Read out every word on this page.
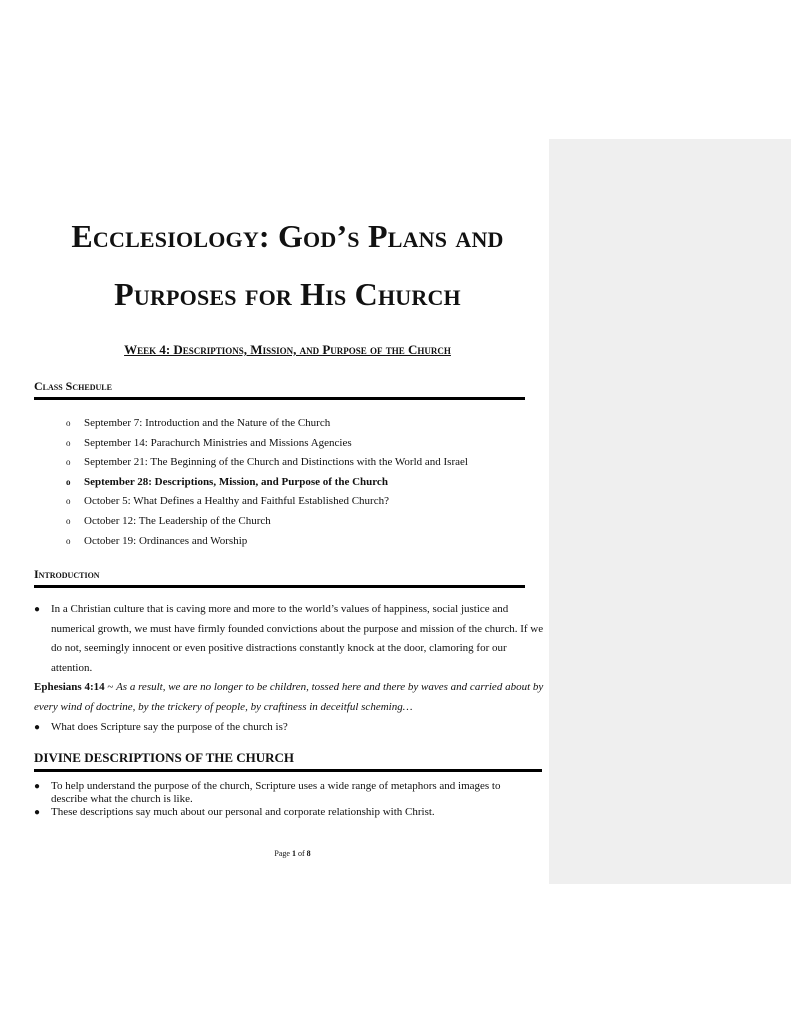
Ecclesiology: God’s Plans and
Purposes for His Church
Week 4: Descriptions, Mission, and Purpose of the Church
Class Schedule
o September 7: Introduction and the Nature of the Church
o September 14: Parachurch Ministries and Missions Agencies
o September 21: The Beginning of the Church and Distinctions with the World and Israel
o September 28: Descriptions, Mission, and Purpose of the Church
o October 5: What Defines a Healthy and Faithful Established Church?
o October 12: The Leadership of the Church
o October 19: Ordinances and Worship
Introduction
● In a Christian culture that is caving more and more to the world’s values of happiness, social justice and numerical growth, we must have firmly founded convictions about the purpose and mission of the church. If we do not, seemingly innocent or even positive distractions constantly knock at the door, clamoring for our attention.
Ephesians 4:14 ~ As a result, we are no longer to be children, tossed here and there by waves and carried about by every wind of doctrine, by the trickery of people, by craftiness in deceitful scheming…
● What does Scripture say the purpose of the church is?
DIVINE DESCRIPTIONS OF THE CHURCH
● To help understand the purpose of the church, Scripture uses a wide range of metaphors and images to describe what the church is like.
● These descriptions say much about our personal and corporate relationship with Christ.
Page 1 of 8
